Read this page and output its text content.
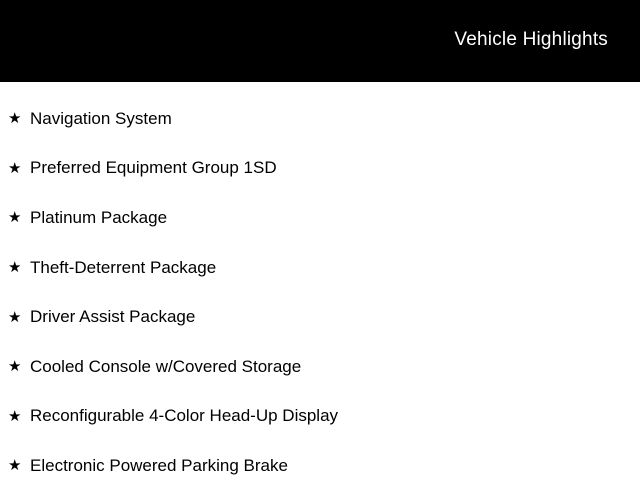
Vehicle Highlights
★ Navigation System
★ Preferred Equipment Group 1SD
★ Platinum Package
★ Theft-Deterrent Package
★ Driver Assist Package
★ Cooled Console w/Covered Storage
★ Reconfigurable 4-Color Head-Up Display
★ Electronic Powered Parking Brake
